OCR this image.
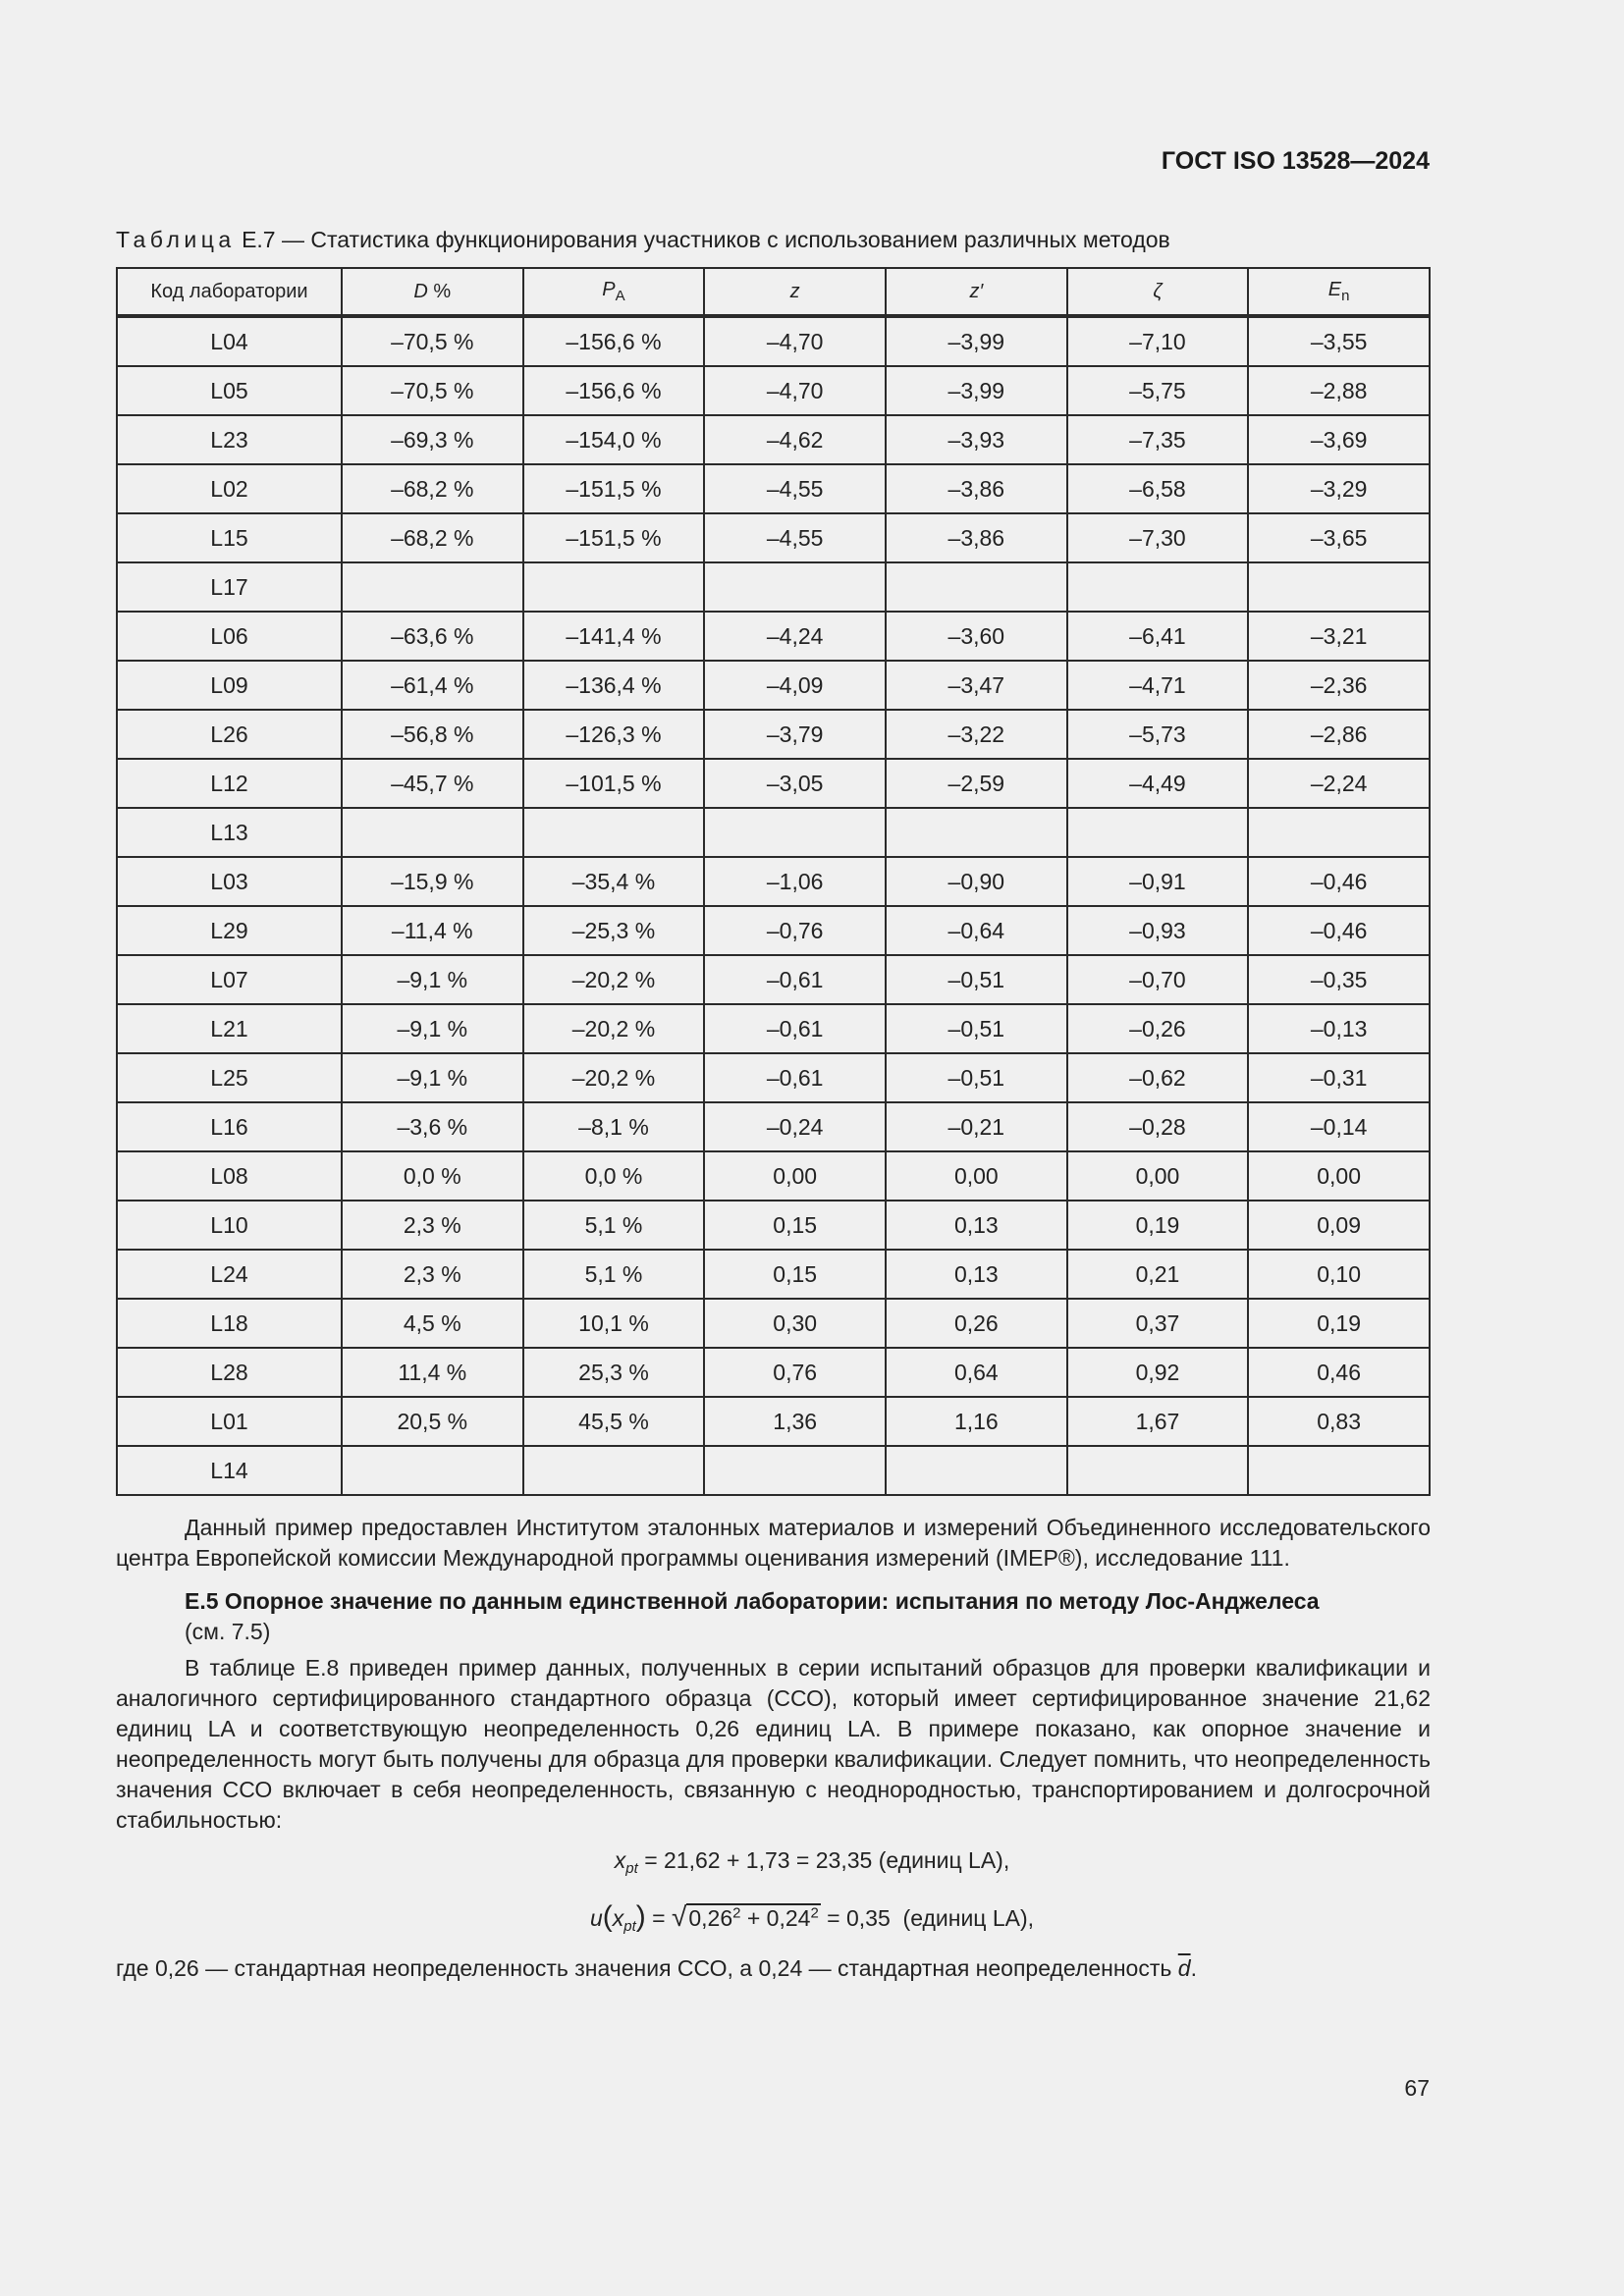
ГОСТ ISO 13528—2024
Таблица E.7 — Статистика функционирования участников с использованием различных методов
Код лаборатории	D %	$P_A$	z	z′	ζ	$E_n$
L04	–70,5 %	–156,6 %	–4,70	–3,99	–7,10	–3,55
L05	–70,5 %	–156,6 %	–4,70	–3,99	–5,75	–2,88
L23	–69,3 %	–154,0 %	–4,62	–3,93	–7,35	–3,69
L02	–68,2 %	–151,5 %	–4,55	–3,86	–6,58	–3,29
L15	–68,2 %	–151,5 %	–4,55	–3,86	–7,30	–3,65
L17						
L06	–63,6 %	–141,4 %	–4,24	–3,60	–6,41	–3,21
L09	–61,4 %	–136,4 %	–4,09	–3,47	–4,71	–2,36
L26	–56,8 %	–126,3 %	–3,79	–3,22	–5,73	–2,86
L12	–45,7 %	–101,5 %	–3,05	–2,59	–4,49	–2,24
L13						
L03	–15,9 %	–35,4 %	–1,06	–0,90	–0,91	–0,46
L29	–11,4 %	–25,3 %	–0,76	–0,64	–0,93	–0,46
L07	–9,1 %	–20,2 %	–0,61	–0,51	–0,70	–0,35
L21	–9,1 %	–20,2 %	–0,61	–0,51	–0,26	–0,13
L25	–9,1 %	–20,2 %	–0,61	–0,51	–0,62	–0,31
L16	–3,6 %	–8,1 %	–0,24	–0,21	–0,28	–0,14
L08	0,0 %	0,0 %	0,00	0,00	0,00	0,00
L10	2,3 %	5,1 %	0,15	0,13	0,19	0,09
L24	2,3 %	5,1 %	0,15	0,13	0,21	0,10
L18	4,5 %	10,1 %	0,30	0,26	0,37	0,19
L28	11,4 %	25,3 %	0,76	0,64	0,92	0,46
L01	20,5 %	45,5 %	1,36	1,16	1,67	0,83
L14						
Данный пример предоставлен Институтом эталонных материалов и измерений Объединенного исследовательского центра Европейской комиссии Международной программы оценивания измерений (IMEP®), исследование 111.
E.5 Опорное значение по данным единственной лаборатории: испытания по методу Лос-Анджелеса
(см. 7.5)
В таблице E.8 приведен пример данных, полученных в серии испытаний образцов для проверки квалификации и аналогичного сертифицированного стандартного образца (ССО), который имеет сертифицированное значение 21,62 единиц LA и соответствующую неопределенность 0,26 единиц LA. В примере показано, как опорное значение и неопределенность могут быть получены для образца для проверки квалификации. Следует помнить, что неопределенность значения ССО включает в себя неопределенность, связанную с неоднородностью, транспортированием и долгосрочной стабильностью:
$x_{pt} = 21,62 + 1,73 = 23,35$ (единиц LA),
$u(x_{pt}) = √0,26^2 + 0,24^2 = 0,35$ (единиц LA),
где 0,26 — стандартная неопределенность значения ССО, а 0,24 — стандартная неопределенность $\overline{d}$.
67
